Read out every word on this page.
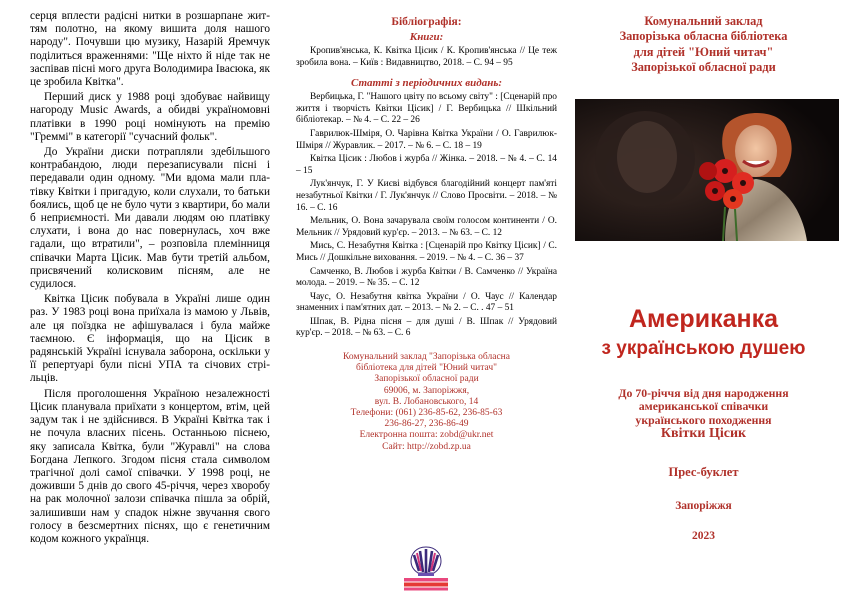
серця вплести радісні нитки в розшарпане життям полотно, на якому вишита доля нашого народу". Почувши цю музику, Назарій Яремчук поділиться враженнями: "Ще ніхто й ніде так не заспівав пісні мого друга Володимира Івасюка, як це зробила Квітка".

Перший диск у 1988 році здобуває найвищу нагороду Music Awards, а обидві україномовні платівки в 1990 році номінують на премію "Греммі" в категорії "сучасний фольк".

До України диски потрапляли здебільшого контрабандою, люди перезаписували пісні і передавали один одному. "Ми вдома мали платівку Квітки і пригадую, коли слухали, то батьки боялись, щоб це не було чути з квартири, бо мали б неприємності. Ми давали людям ою платівку слухати, і вона до нас повернулась, хоч вже гадали, що втратили", – розповіла племінниця співачки Марта Цісик. Мав бути третій альбом, присвячений колисковим пісням, але не судилося.

Квітка Цісик побувала в Україні лише один раз. У 1983 році вона приїхала із мамою у Львів, але ця поїздка не афішувалася і була майже таємною. Є інформація, що на Цісик в радянській Україні існувала заборона, оскільки у її репертуарі були пісні УПА та січових стрільців.

Після проголошення Україною незалежності Цісик планувала приїхати з концертом, втім, цей задум так і не здійснився. В Україні Квітка так і не почула власних пісень. Останньою піснею, яку записала Квітка, були "Журавлі" на слова Богдана Лепкого. Згодом пісня стала символом трагічної долі самої співачки. У 1998 році, не доживши 5 днів до свого 45-річчя, через хворобу на рак молочної залози співачка пішла за обрій, залишивши нам у спадок ніжне звучання свого голосу в безсмертних піснях, що є генетичним кодом кожного українця.

Бібліографія:
Книги:

Кропив'янська, К. Квітка Цісик / К. Кропив'янська // Це теж зробила вона. – Київ : Видавництво, 2018. – С. 94 – 95

Статті з періодичних видань:

Вербицька, Г. "Нашого цвіту по всьому світу" : [Сценарій про життя і творчість Квітки Цісик] / Г. Вербицька // Шкільний бібліотекар. – № 4. – С. 22 – 26

Гаврилюк-Шміря, О. Чарівна Квітка України / О. Гаврилюк-Шміря // Журавлик. – 2017. – № 6. – С. 18 – 19

Квітка Цісик : Любов і журба // Жінка. – 2018. – № 4. – С. 14 – 15

Лук'янчук, Г. У Києві відбувся благодійний концерт пам'яті незабутньої Квітки / Г. Лук'янчук // Слово Просвіти. – 2018. – № 16. – С. 16

Мельник, О. Вона зачарувала своїм голосом континенти / О. Мельник // Урядовий кур'єр. – 2013. – № 63. – С. 12

Мись, С. Незабутня Квітка : [Сценарій про Квітку Цісик] / С. Мись // Дошкільне виховання. – 2019. – № 4. – С. 36 – 37

Самченко, В. Любов і журба Квітки / В. Самченко // Україна молода. – 2019. – № 35. – С. 12

Чаус, О. Незабутня квітка України / О. Чаус // Календар знаменних і пам'ятних дат. – 2013. – № 2. – С. . 47 – 51

Шпак, В. Рідна пісня – для душі / В. Шпак // Урядовий кур'єр. – 2018. – № 63. – С. 6

Комунальний заклад "Запорізька обласна
бібліотека для дітей "Юний читач"
Запорізької обласної ради
69006, м. Запоріжжя,
вул. В. Лобановського, 14
Телефони: (061) 236-85-62, 236-85-63
236-86-27, 236-86-49
Електронна пошта: zobd@ukr.net
Сайт: http://zobd.zp.ua
Комунальний заклад
Запорізька обласна бібліотека
для дітей "Юний читач"
Запорізької обласної ради
Американка
з українською душею
До 70-річчя від дня народження
американської співачки
українського походження
Квітки Цісик
Прес-буклет
Запоріжжя
2023
